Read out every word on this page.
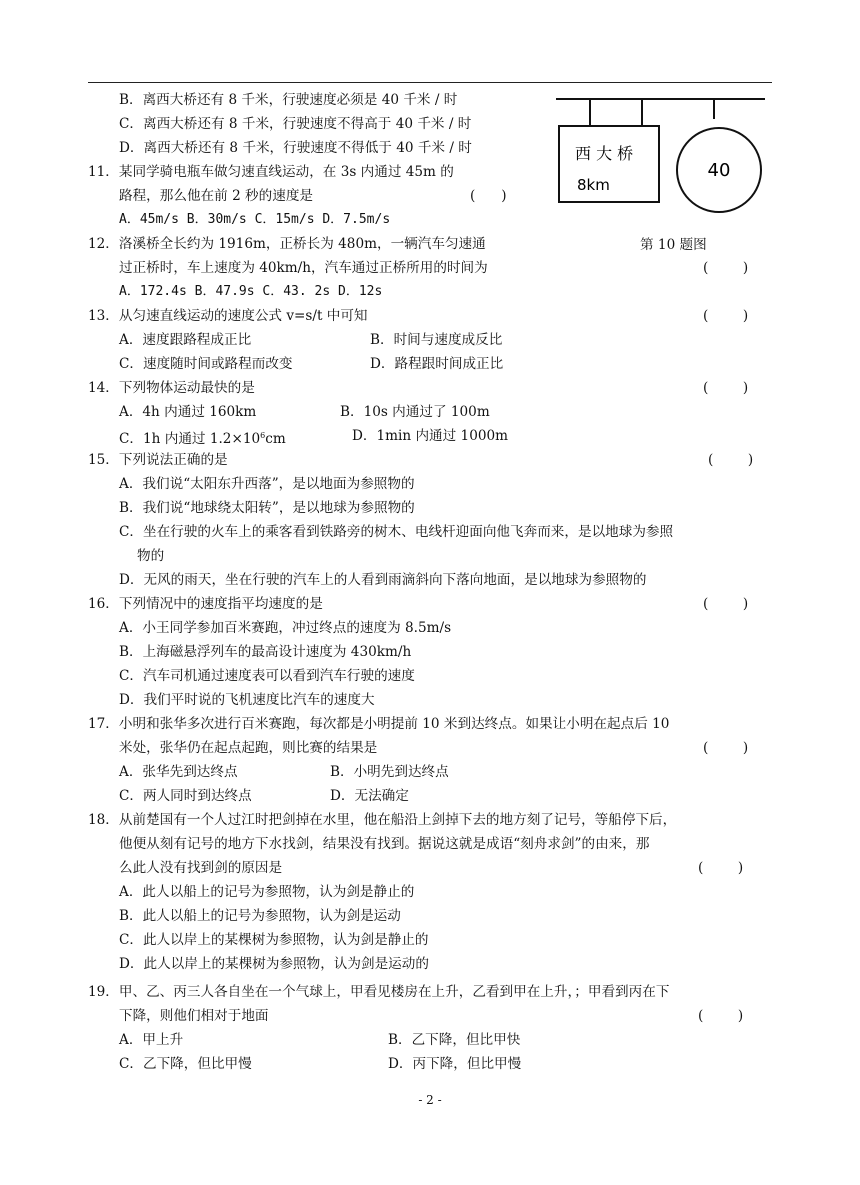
西 大 桥
8km
40
第 10 题图
B．离西大桥还有 8 千米，行驶速度必须是 40 千米 / 时
C．离西大桥还有 8 千米，行驶速度不得高于 40 千米 / 时
D．离西大桥还有 8 千米，行驶速度不得低于 40 千米 / 时
11．某同学骑电瓶车做匀速直线运动，在 3s 内通过 45m 的
路程，那么他在前 2 秒的速度是	(      )
A．45m/s B．30m/s C．15m/s D．7.5m/s
12．洛溪桥全长约为 1916m，正桥长为 480m，一辆汽车匀速通
过正桥时，车上速度为 40km/h，汽车通过正桥所用的时间为	(        )
A．172.4s B．47.9s C．43. 2s D．12s
13．从匀速直线运动的速度公式 v=s/t 中可知	(        )
A．速度跟路程成正比	B．时间与速度成反比
C．速度随时间或路程而改变	D．路程跟时间成正比
14．下列物体运动最快的是	(        )
A．4h 内通过 160km	B．10s 内通过了 100m
C．1h 内通过 $1.2\times 10^6cm$	D．1min 内通过 1000m
15．下列说法正确的是	(        )
A．我们说“太阳东升西落”，是以地面为参照物的
B．我们说“地球绕太阳转”，是以地球为参照物的
C．坐在行驶的火车上的乘客看到铁路旁的树木、电线杆迎面向他飞奔而来，是以地球为参照
物的
D．无风的雨天，坐在行驶的汽车上的人看到雨滴斜向下落向地面，是以地球为参照物的
16．下列情况中的速度指平均速度的是	(        )
A．小王同学参加百米赛跑，冲过终点的速度为 8.5m/s
B．上海磁悬浮列车的最高设计速度为 430km/h
C．汽车司机通过速度表可以看到汽车行驶的速度
D．我们平时说的飞机速度比汽车的速度大
17．小明和张华多次进行百米赛跑，每次都是小明提前 10 米到达终点。如果让小明在起点后 10
米处，张华仍在起点起跑，则比赛的结果是	(        )
A．张华先到达终点	B．小明先到达终点
C．两人同时到达终点	D．无法确定
18．从前楚国有一个人过江时把剑掉在水里，他在船沿上剑掉下去的地方刻了记号，等船停下后，
他便从刻有记号的地方下水找剑，结果没有找到。据说这就是成语“刻舟求剑”的由来，那
么此人没有找到剑的原因是	(        )
A．此人以船上的记号为参照物，认为剑是静止的
B．此人以船上的记号为参照物，认为剑是运动
C．此人以岸上的某棵树为参照物，认为剑是静止的
D．此人以岸上的某棵树为参照物，认为剑是运动的
19．甲、乙、丙三人各自坐在一个气球上，甲看见楼房在上升，乙看到甲在上升，；甲看到丙在下
下降，则他们相对于地面	(        )
A．甲上升	B．乙下降，但比甲快
C．乙下降，但比甲慢	D．丙下降，但比甲慢
- 2 -
